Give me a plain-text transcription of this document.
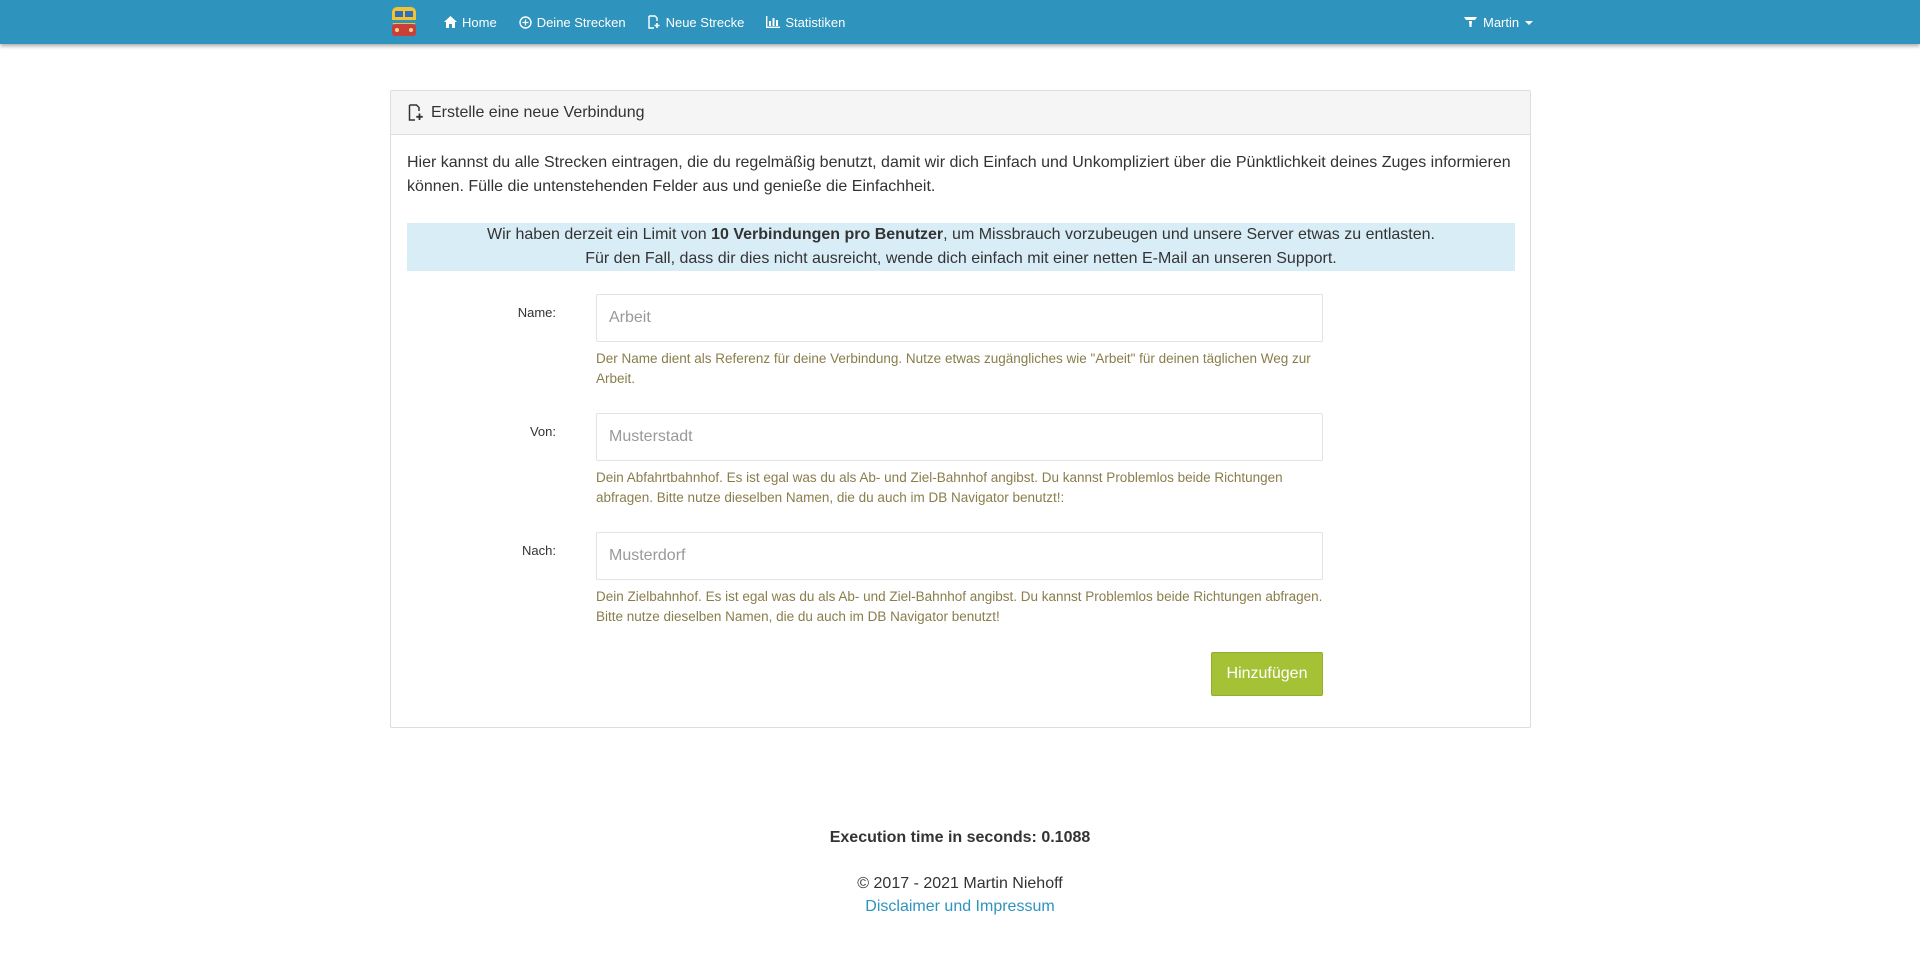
Home	Deine Strecken	Neue Strecke	Statistiken	Martin
Erstelle eine neue Verbindung
Hier kannst du alle Strecken eintragen, die du regelmäßig benutzt, damit wir dich Einfach und Unkompliziert über die Pünktlichkeit deines Zuges informieren können. Fülle die untenstehenden Felder aus und genieße die Einfachheit.
Wir haben derzeit ein Limit von 10 Verbindungen pro Benutzer, um Missbrauch vorzubeugen und unsere Server etwas zu entlasten.
Für den Fall, dass dir dies nicht ausreicht, wende dich einfach mit einer netten E-Mail an unseren Support.
Name:
Arbeit
Der Name dient als Referenz für deine Verbindung. Nutze etwas zugängliches wie "Arbeit" für deinen täglichen Weg zur Arbeit.
Von:
Musterstadt
Dein Abfahrtbahnhof. Es ist egal was du als Ab- und Ziel-Bahnhof angibst. Du kannst Problemlos beide Richtungen abfragen. Bitte nutze dieselben Namen, die du auch im DB Navigator benutzt!:
Nach:
Musterdorf
Dein Zielbahnhof. Es ist egal was du als Ab- und Ziel-Bahnhof angibst. Du kannst Problemlos beide Richtungen abfragen. Bitte nutze dieselben Namen, die du auch im DB Navigator benutzt!
Hinzufügen
Execution time in seconds: 0.1088
© 2017 - 2021 Martin Niehoff
Disclaimer und Impressum
